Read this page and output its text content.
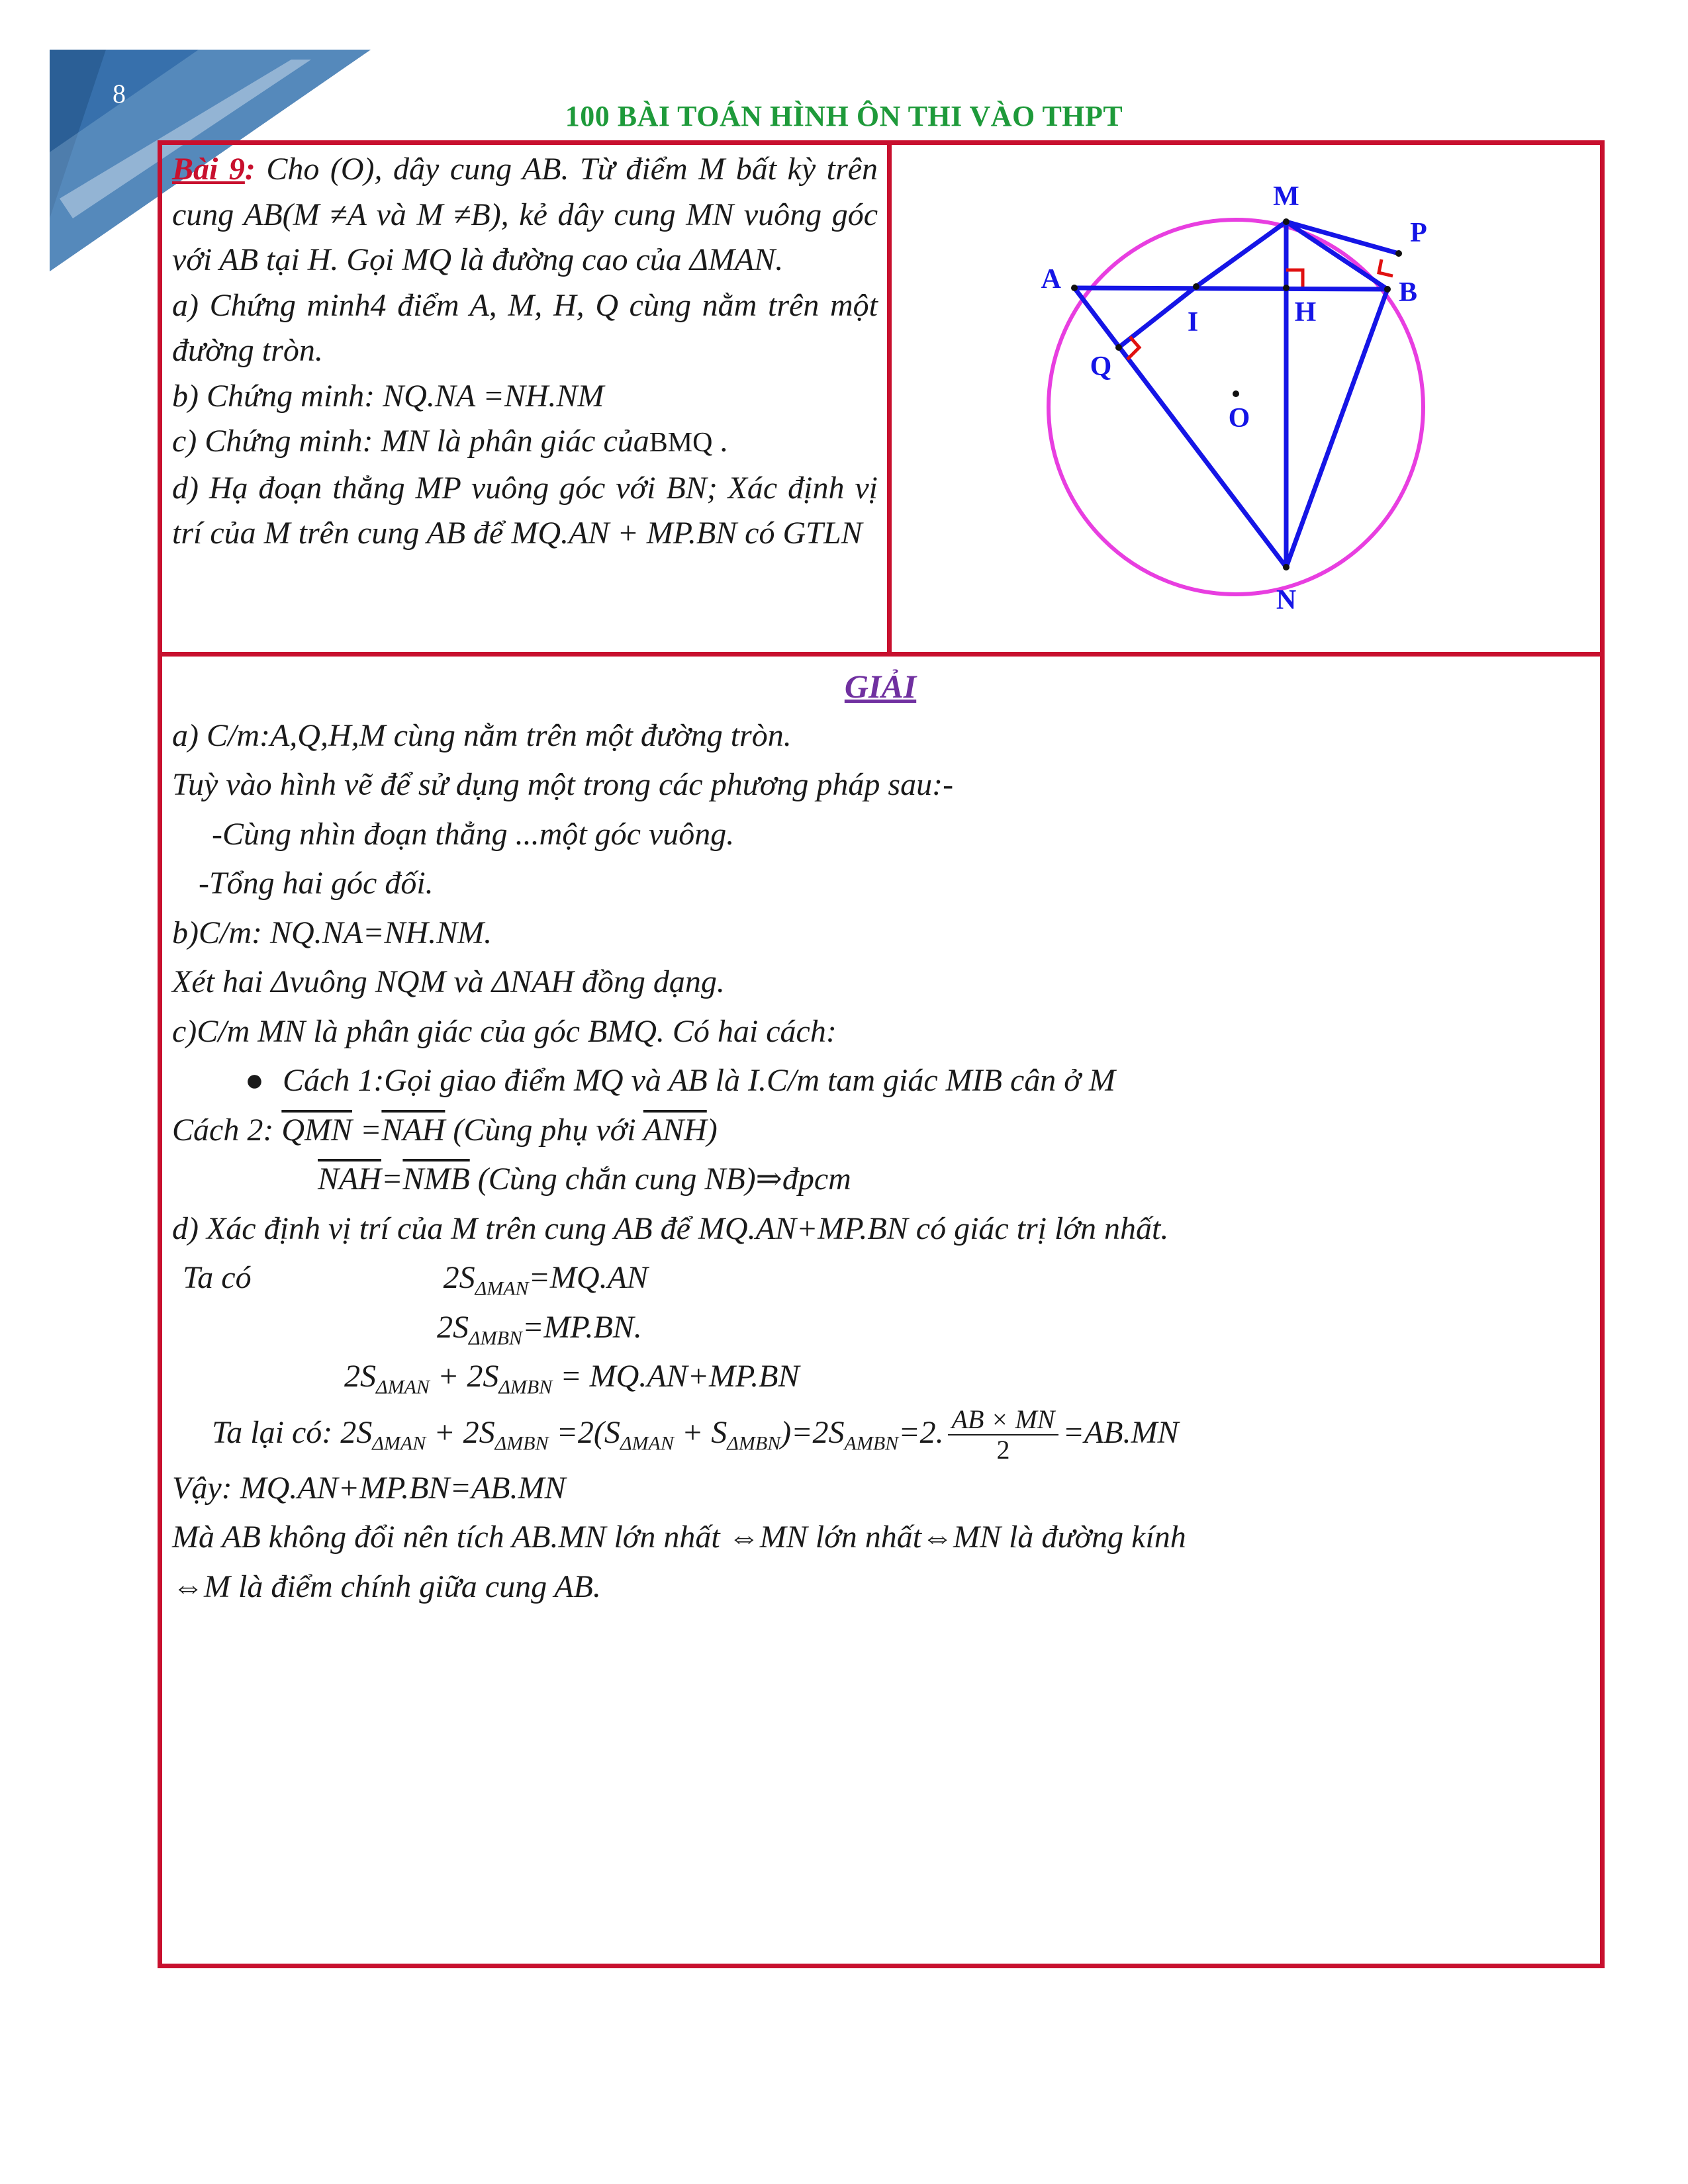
8
100 BÀI TOÁN HÌNH ÔN THI VÀO THPT

Bài 9: Cho (O), dây cung AB. Từ điểm M bất kỳ trên cung AB(M ≠A và M ≠B), kẻ dây cung MN vuông góc với AB tại H. Gọi MQ là đường cao của ΔMAN.

a) Chứng minh4 điểm A, M, H, Q cùng nằm trên một đường tròn.

b) Chứng minh: NQ.NA =NH.NM

c) Chứng minh: MN là phân giác củaBMQ .

d) Hạ đoạn thẳng MP vuông góc với BN; Xác định vị trí của M trên cung AB để MQ.AN + MP.BN có GTLN

M
P
A	B
I	H
Q
O
N
GIẢI
a) C/m:A,Q,H,M cùng nằm trên một đường tròn.
Tuỳ vào hình vẽ để sử dụng một trong các phương pháp sau:-
-Cùng nhìn đoạn thẳng ...một góc vuông.
-Tổng hai góc đối.
b)C/m: NQ.NA=NH.NM.
Xét hai Δvuông NQM và ΔNAH đồng dạng.
c)C/m MN là phân giác của góc BMQ. Có hai cách:
● Cách 1:Gọi giao điểm MQ và AB là I.C/m tam giác MIB cân ở M
Cách 2: $\overline{QMN} =\overline{NAH}$ (Cùng phụ với $\overline{ANH}$)
$\overline{NAH}=\overline{NMB}$ (Cùng chắn cung NB)⇒đpcm
d) Xác định vị trí của M trên cung AB để MQ.AN+MP.BN có giác trị lớn nhất.
Ta có	$2S_{\Delta MAN}=MQ.AN$
$2S_{\Delta MBN}=MP.BN$.
$2S_{\Delta MAN} + 2S_{\Delta MBN} = MQ.AN+MP.BN$
Ta lại có: $2S_{\Delta MAN} + 2S_{\Delta MBN} =2(S_{\Delta MAN} + S_{\Delta MBN})=2S_{AMBN}=2$. $\frac{AB \times MN}{2} =AB.MN$
Vậy: MQ.AN+MP.BN=AB.MN
Mà AB không đổi nên tích AB.MN lớn nhất ⇔MN lớn nhất⇔MN là đường kính
⇔M là điểm chính giữa cung AB.
